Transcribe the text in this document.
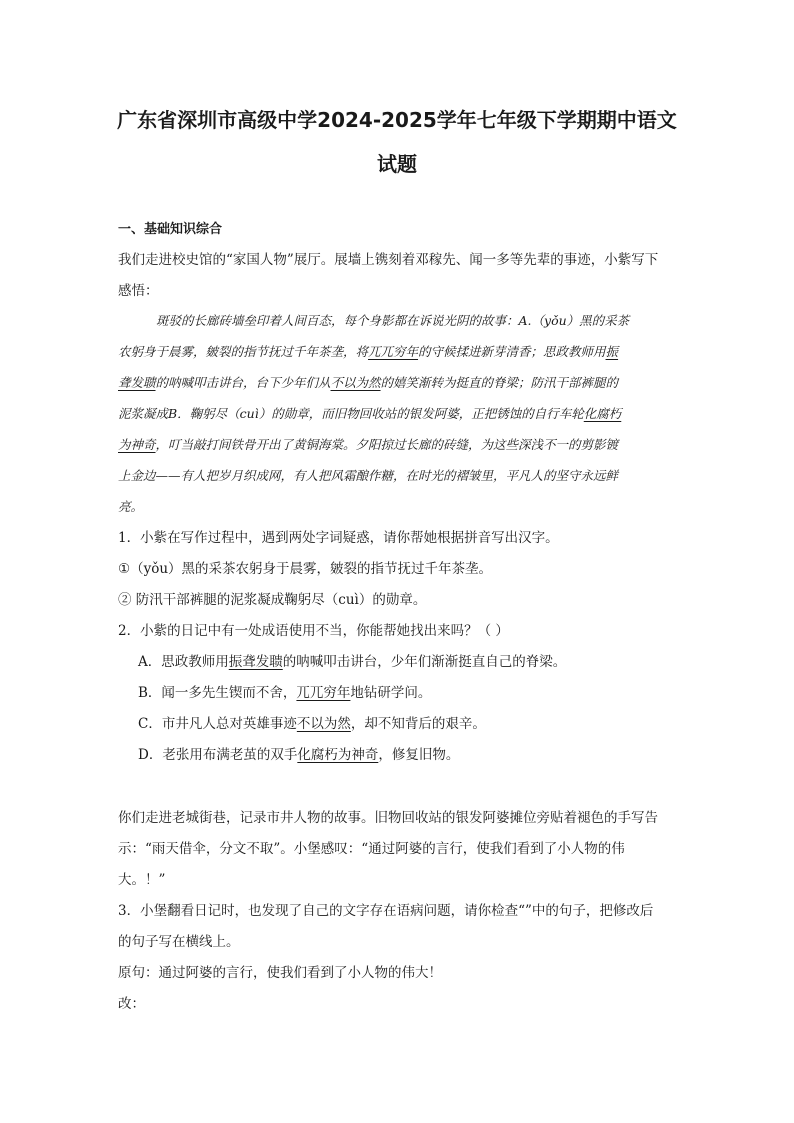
广东省深圳市高级中学2024-2025学年七年级下学期期中语文
试题
一、基础知识综合
我们走进校史馆的“家国人物”展厅。展墙上镌刻着邓稼先、闻一多等先辈的事迹，小紫写下
感悟：
斑驳的长廊砖墙垒印着人间百态，每个身影都在诉说光阴的故事：A.（yǒu）黑的采茶
农躬身于晨雾，皴裂的指节抚过千年茶垄，将兀兀穷年的守候揉进新芽清香；思政教师用振
聋发聩的呐喊叩击讲台，台下少年们从不以为然的嬉笑渐转为挺直的脊梁；防汛干部裤腿的
泥浆凝成B．鞠躬尽（cuì）的勋章，而旧物回收站的银发阿婆，正把锈蚀的自行车轮化腐朽
为神奇，叮当敲打间铁骨开出了黄铜海棠。夕阳掠过长廊的砖缝，为这些深浅不一的剪影镀
上金边——有人把岁月织成网，有人把风霜酿作糖，在时光的褶皱里，平凡人的坚守永远鲜
亮。
1．小紫在写作过程中，遇到两处字词疑惑，请你帮她根据拼音写出汉字。
①（yǒu）黑的采茶农躬身于晨雾，皴裂的指节抚过千年茶垄。
② 防汛干部裤腿的泥浆凝成鞠躬尽（cuì）的勋章。
2．小紫的日记中有一处成语使用不当，你能帮她找出来吗？（ ）
A．思政教师用振聋发聩的呐喊叩击讲台，少年们渐渐挺直自己的脊梁。
B．闻一多先生锲而不舍，兀兀穷年地钻研学问。
C．市井凡人总对英雄事迹不以为然，却不知背后的艰辛。
D．老张用布满老茧的双手化腐朽为神奇，修复旧物。
你们走进老城街巷，记录市井人物的故事。旧物回收站的银发阿婆摊位旁贴着褪色的手写告
示：“雨天借伞，分文不取”。小堡感叹：“通过阿婆的言行，使我们看到了小人物的伟
大。！”
3．小堡翻看日记时，也发现了自己的文字存在语病问题，请你检查“”中的句子，把修改后
的句子写在横线上。
原句：通过阿婆的言行，使我们看到了小人物的伟大！
改：
